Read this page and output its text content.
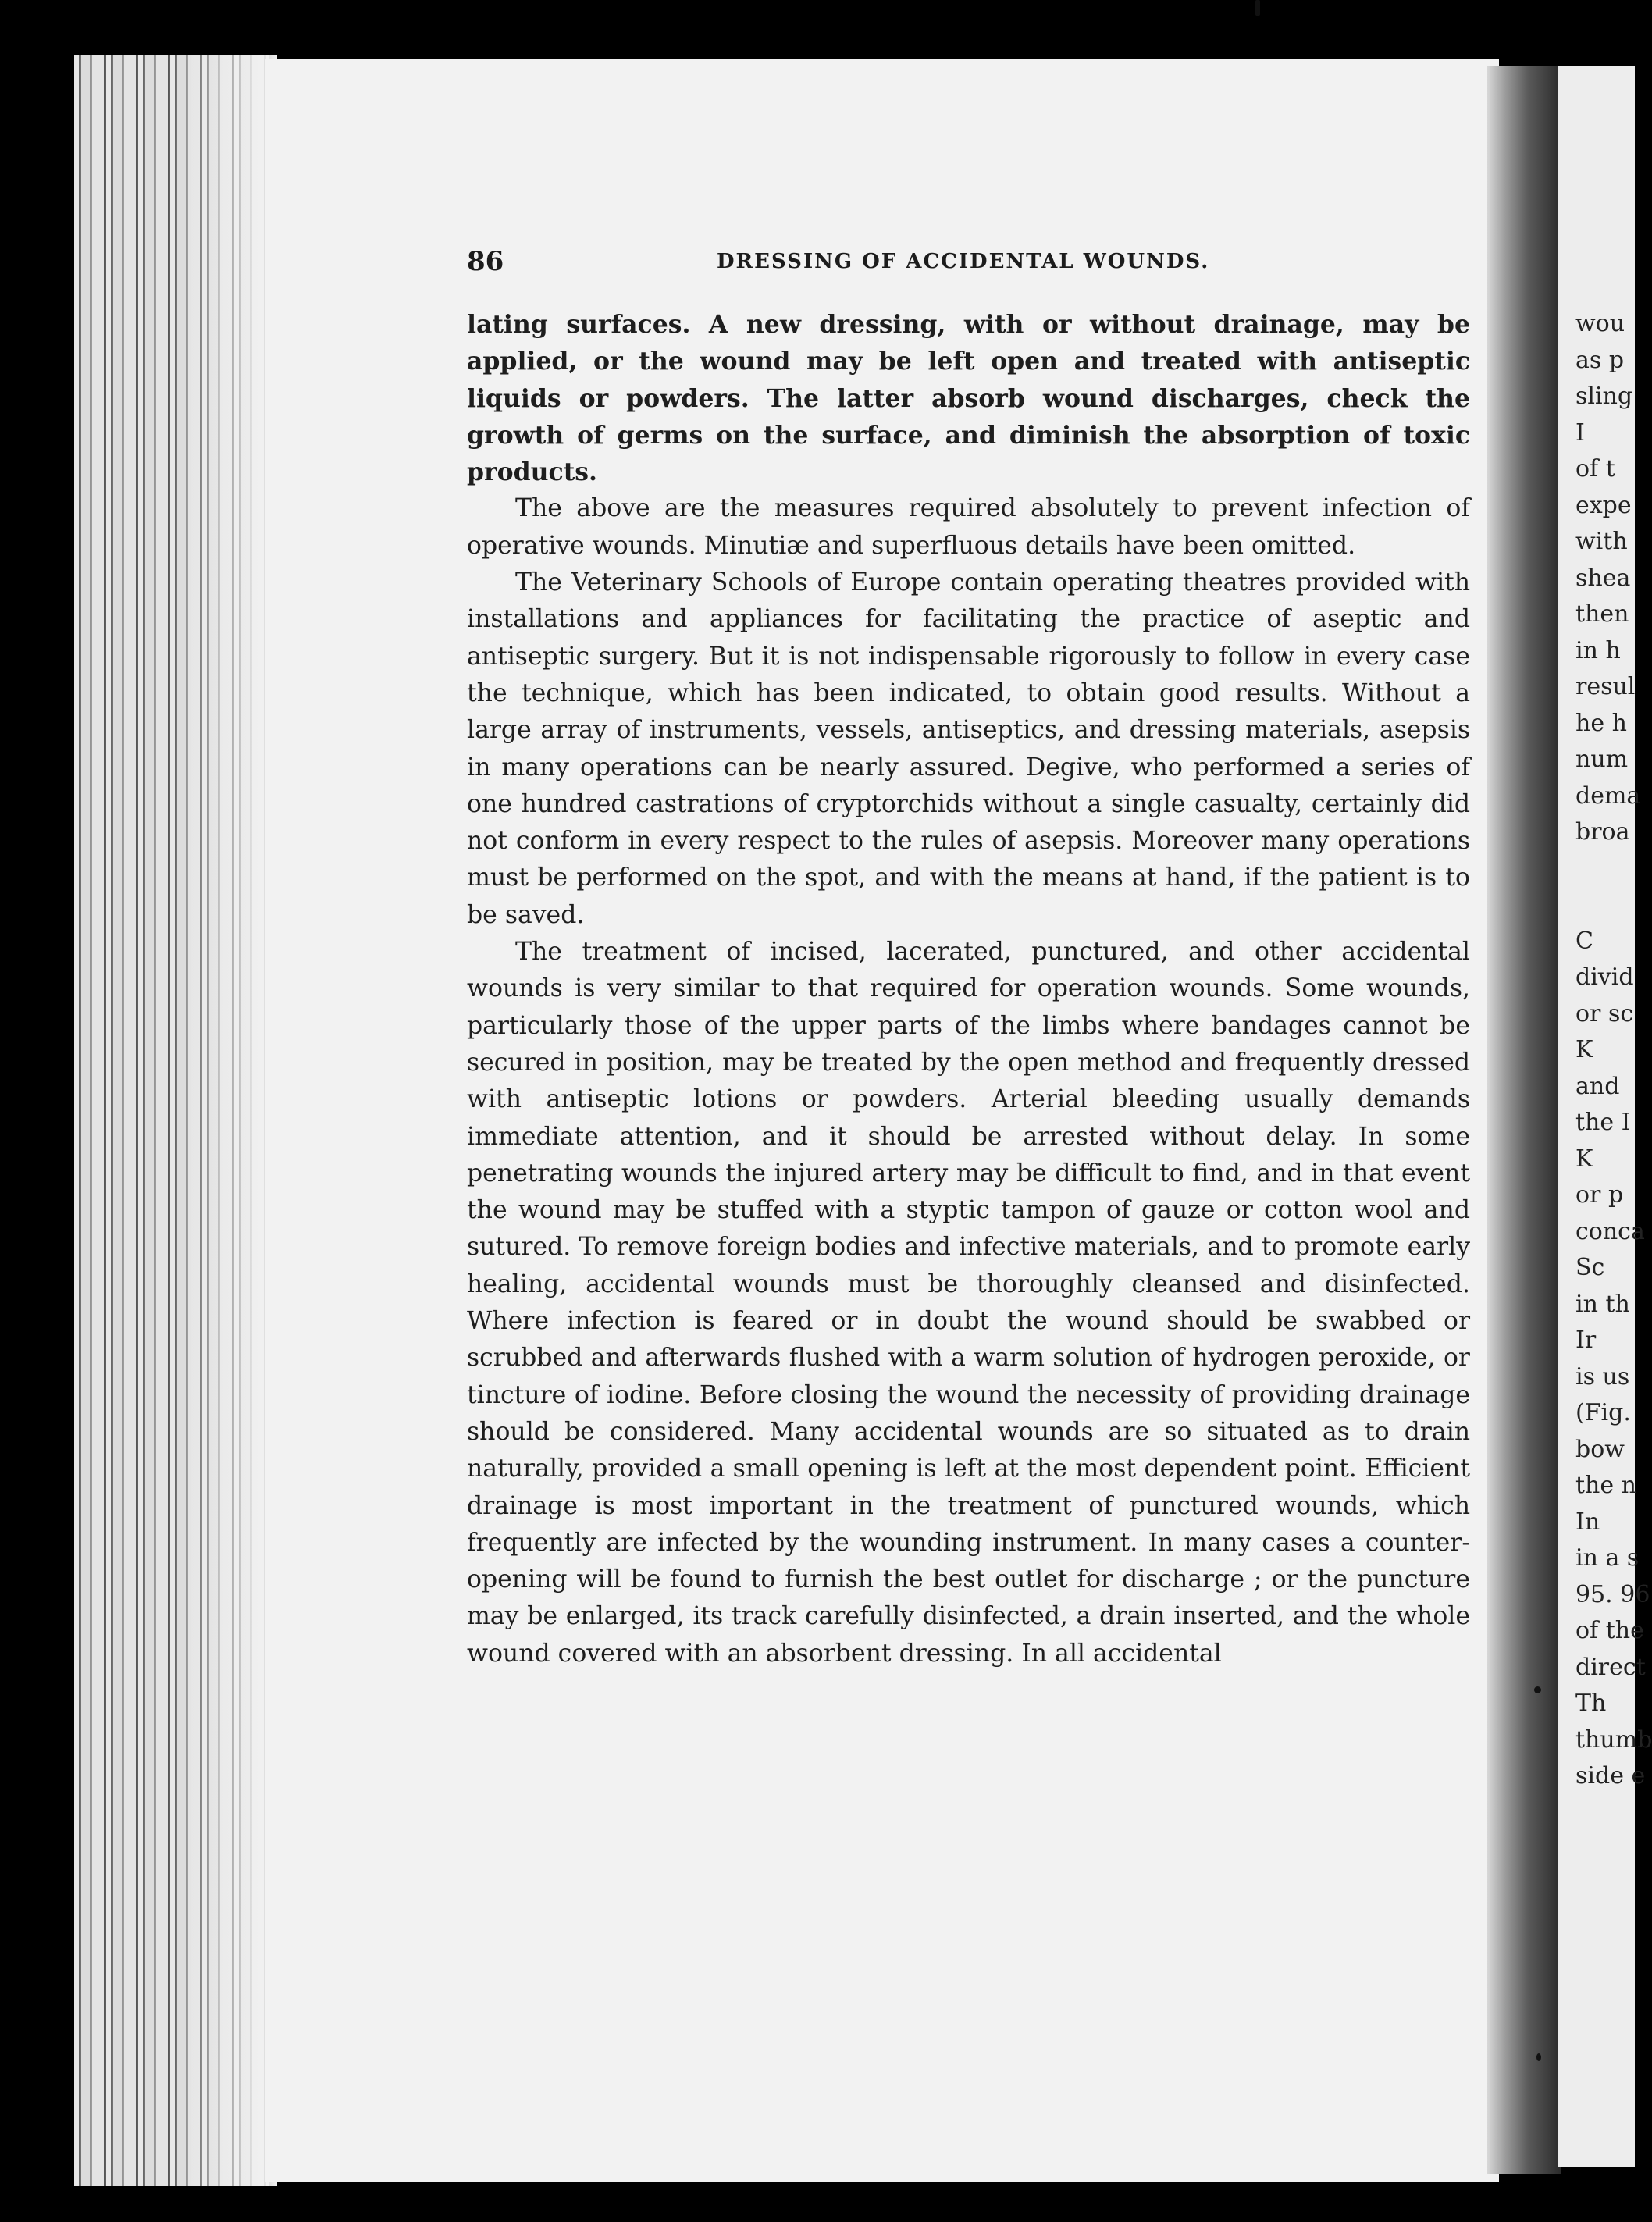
86	DRESSING OF ACCIDENTAL WOUNDS.

lating surfaces. A new dressing, with or without drainage, may be applied, or the wound may be left open and treated with antiseptic liquids or powders. The latter absorb wound discharges, check the growth of germs on the surface, and diminish the absorption of toxic products.

The above are the measures required absolutely to prevent infection of operative wounds. Minutiæ and superfluous details have been omitted.

The Veterinary Schools of Europe contain operating theatres provided with installations and appliances for facilitating the practice of aseptic and antiseptic surgery. But it is not indispensable rigorously to follow in every case the technique, which has been indicated, to obtain good results. Without a large array of instruments, vessels, antiseptics, and dressing materials, asepsis in many operations can be nearly assured. Degive, who performed a series of one hundred castrations of cryptorchids without a single casualty, certainly did not conform in every respect to the rules of asepsis. Moreover many operations must be performed on the spot, and with the means at hand, if the patient is to be saved.

The treatment of incised, lacerated, punctured, and other accidental wounds is very similar to that required for operation wounds. Some wounds, particularly those of the upper parts of the limbs where bandages cannot be secured in position, may be treated by the open method and frequently dressed with antiseptic lotions or powders. Arterial bleeding usually demands immediate attention, and it should be arrested without delay. In some penetrating wounds the injured artery may be difficult to find, and in that event the wound may be stuffed with a styptic tampon of gauze or cotton wool and sutured. To remove foreign bodies and infective materials, and to promote early healing, accidental wounds must be thoroughly cleansed and disinfected. Where infection is feared or in doubt the wound should be swabbed or scrubbed and afterwards flushed with a warm solution of hydrogen peroxide, or tincture of iodine. Before closing the wound the necessity of providing drainage should be considered. Many accidental wounds are so situated as to drain naturally, provided a small opening is left at the most dependent point. Efficient drainage is most important in the treatment of punctured wounds, which frequently are infected by the wounding instrument. In many cases a counter-opening will be found to furnish the best outlet for discharge ; or the puncture may be enlarged, its track carefully disinfected, a drain inserted, and the whole wound covered with an absorbent dressing. In all accidental

wou
as p
sling
I
of t
expe
with
shea
then
in h
resul
he h
num
dema
broa
C
divid
or sc
K
and
the I
K
or p
conca
Sc
in th
Ir
is us
(Fig.
bow
the n
In
in a s
95. 96
of the
direct
Th
thumb
side e
